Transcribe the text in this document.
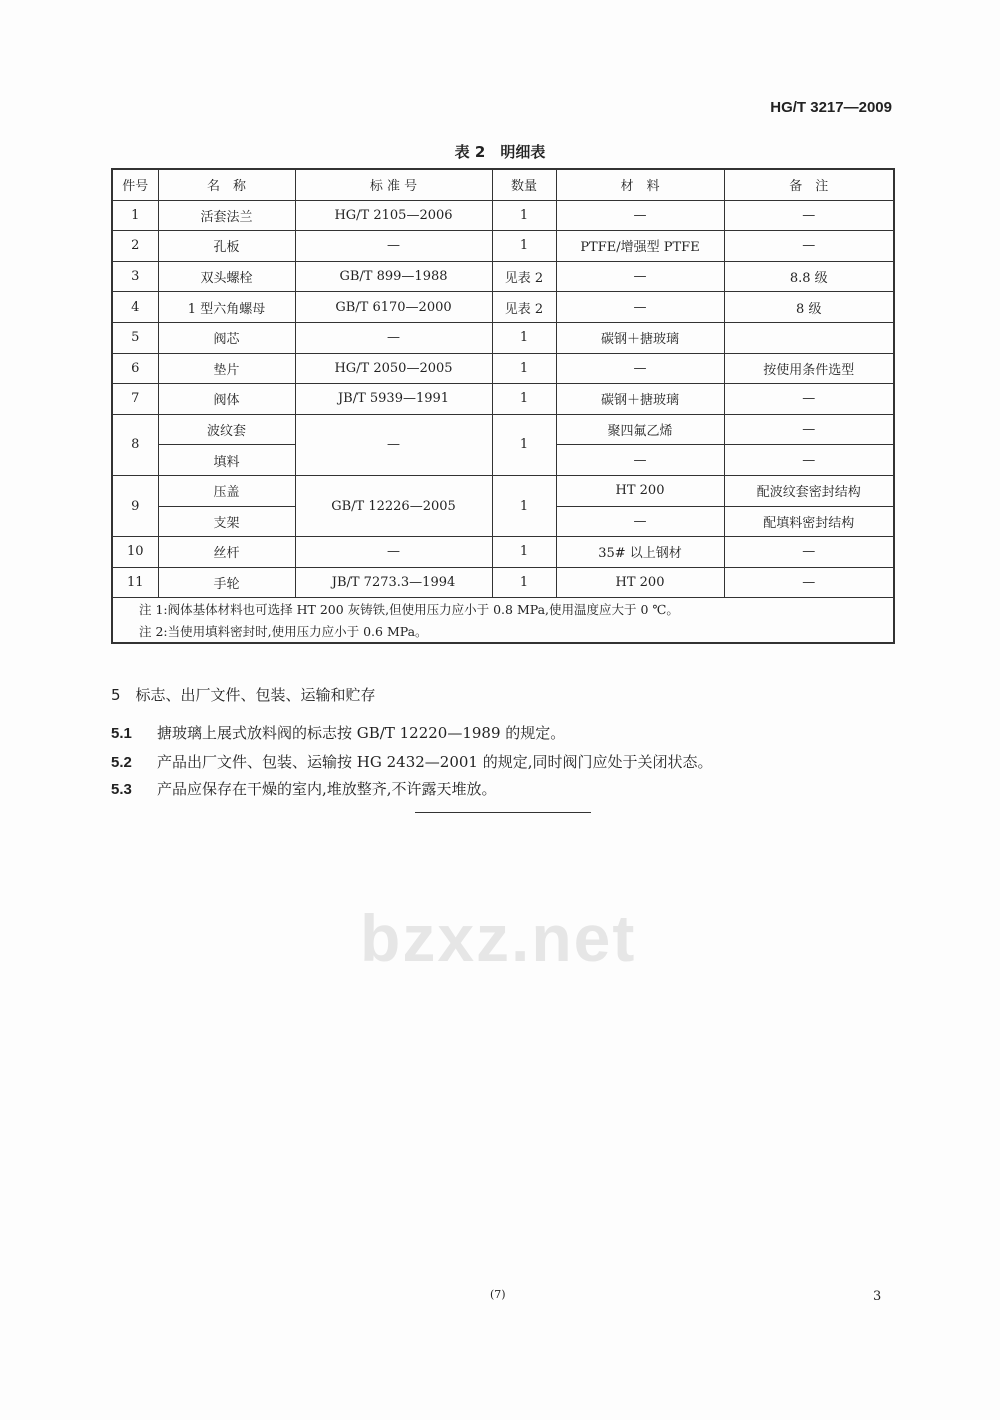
HG/T 3217—2009
bzxz.net
表 2　明细表
件号	名　称	标 准 号	数量	材　料	备　注
1	活套法兰	HG/T 2105—2006	1	—	—
2	孔板	—	1	PTFE/增强型 PTFE	—
3	双头螺栓	GB/T 899—1988	见表 2	—	8.8 级
4	1 型六角螺母	GB/T 6170—2000	见表 2	—	8 级
5	阀芯	—	1	碳钢＋搪玻璃	
6	垫片	HG/T 2050—2005	1	—	按使用条件选型
7	阀体	JB/T 5939—1991	1	碳钢＋搪玻璃	—
8	波纹套	—	1	聚四氟乙烯	—
	填料			—	—
9	压盖	GB/T 12226—2005	1	HT 200	配波纹套密封结构
	支架			—	配填料密封结构
10	丝杆	—	1	35# 以上钢材	—
11	手轮	JB/T 7273.3—1994	1	HT 200	—
注 1:阀体基体材料也可选择 HT 200 灰铸铁,但使用压力应小于 0.8 MPa,使用温度应大于 0 ℃。					
注 2:当使用填料密封时,使用压力应小于 0.6 MPa。					
5　标志、出厂文件、包装、运输和贮存
5.1 搪玻璃上展式放料阀的标志按 GB/T 12220—1989 的规定。
5.2 产品出厂文件、包装、运输按 HG 2432—2001 的规定,同时阀门应处于关闭状态。
5.3 产品应保存在干燥的室内,堆放整齐,不许露天堆放。
(7)	3
